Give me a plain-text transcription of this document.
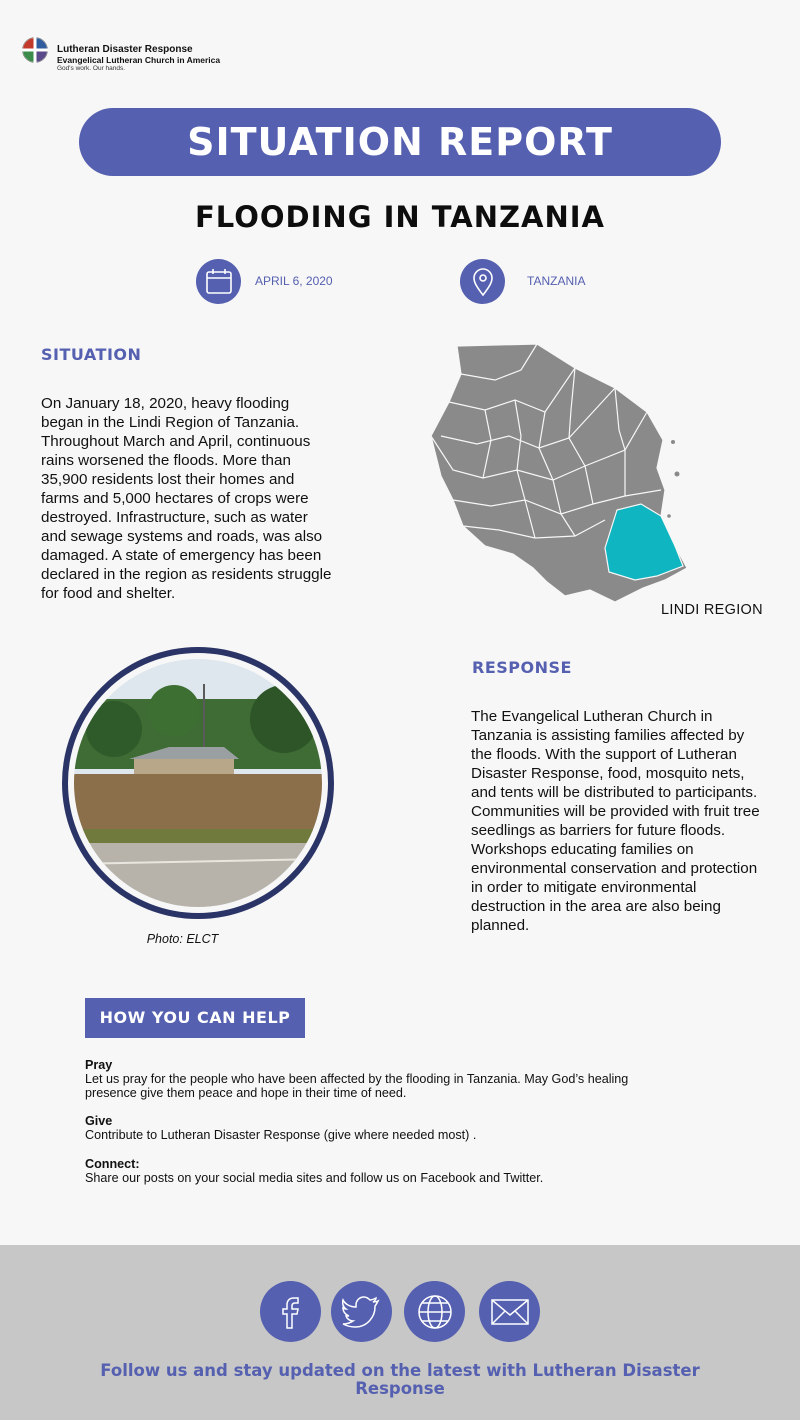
Lutheran Disaster Response
Evangelical Lutheran Church in America
God's work. Our hands.
SITUATION REPORT
FLOODING IN TANZANIA
APRIL 6, 2020	TANZANIA
SITUATION
On January 18, 2020, heavy flooding began in the Lindi Region of Tanzania. Throughout March and April, continuous rains worsened the floods. More than 35,900 residents lost their homes and farms and 5,000 hectares of crops were destroyed. Infrastructure, such as water and sewage systems and roads, was also damaged. A state of emergency has been declared in the region as residents struggle for food and shelter.
LINDI REGION
Photo: ELCT
RESPONSE
The Evangelical Lutheran Church in Tanzania is assisting families affected by the floods. With the support of Lutheran Disaster Response, food, mosquito nets, and tents will be distributed to participants. Communities will be provided with fruit tree seedlings as barriers for future floods. Workshops educating families on environmental conservation and protection in order to mitigate environmental destruction in the area are also being planned.
HOW YOU CAN HELP
Pray
Let us pray for the people who have been affected by the flooding in Tanzania. May God’s healing presence give them peace and hope in their time of need.
Give
Contribute to Lutheran Disaster Response (give where needed most) .
Connect:
Share our posts on your social media sites and follow us on Facebook and Twitter.
Follow us and stay updated on the latest with Lutheran Disaster Response
